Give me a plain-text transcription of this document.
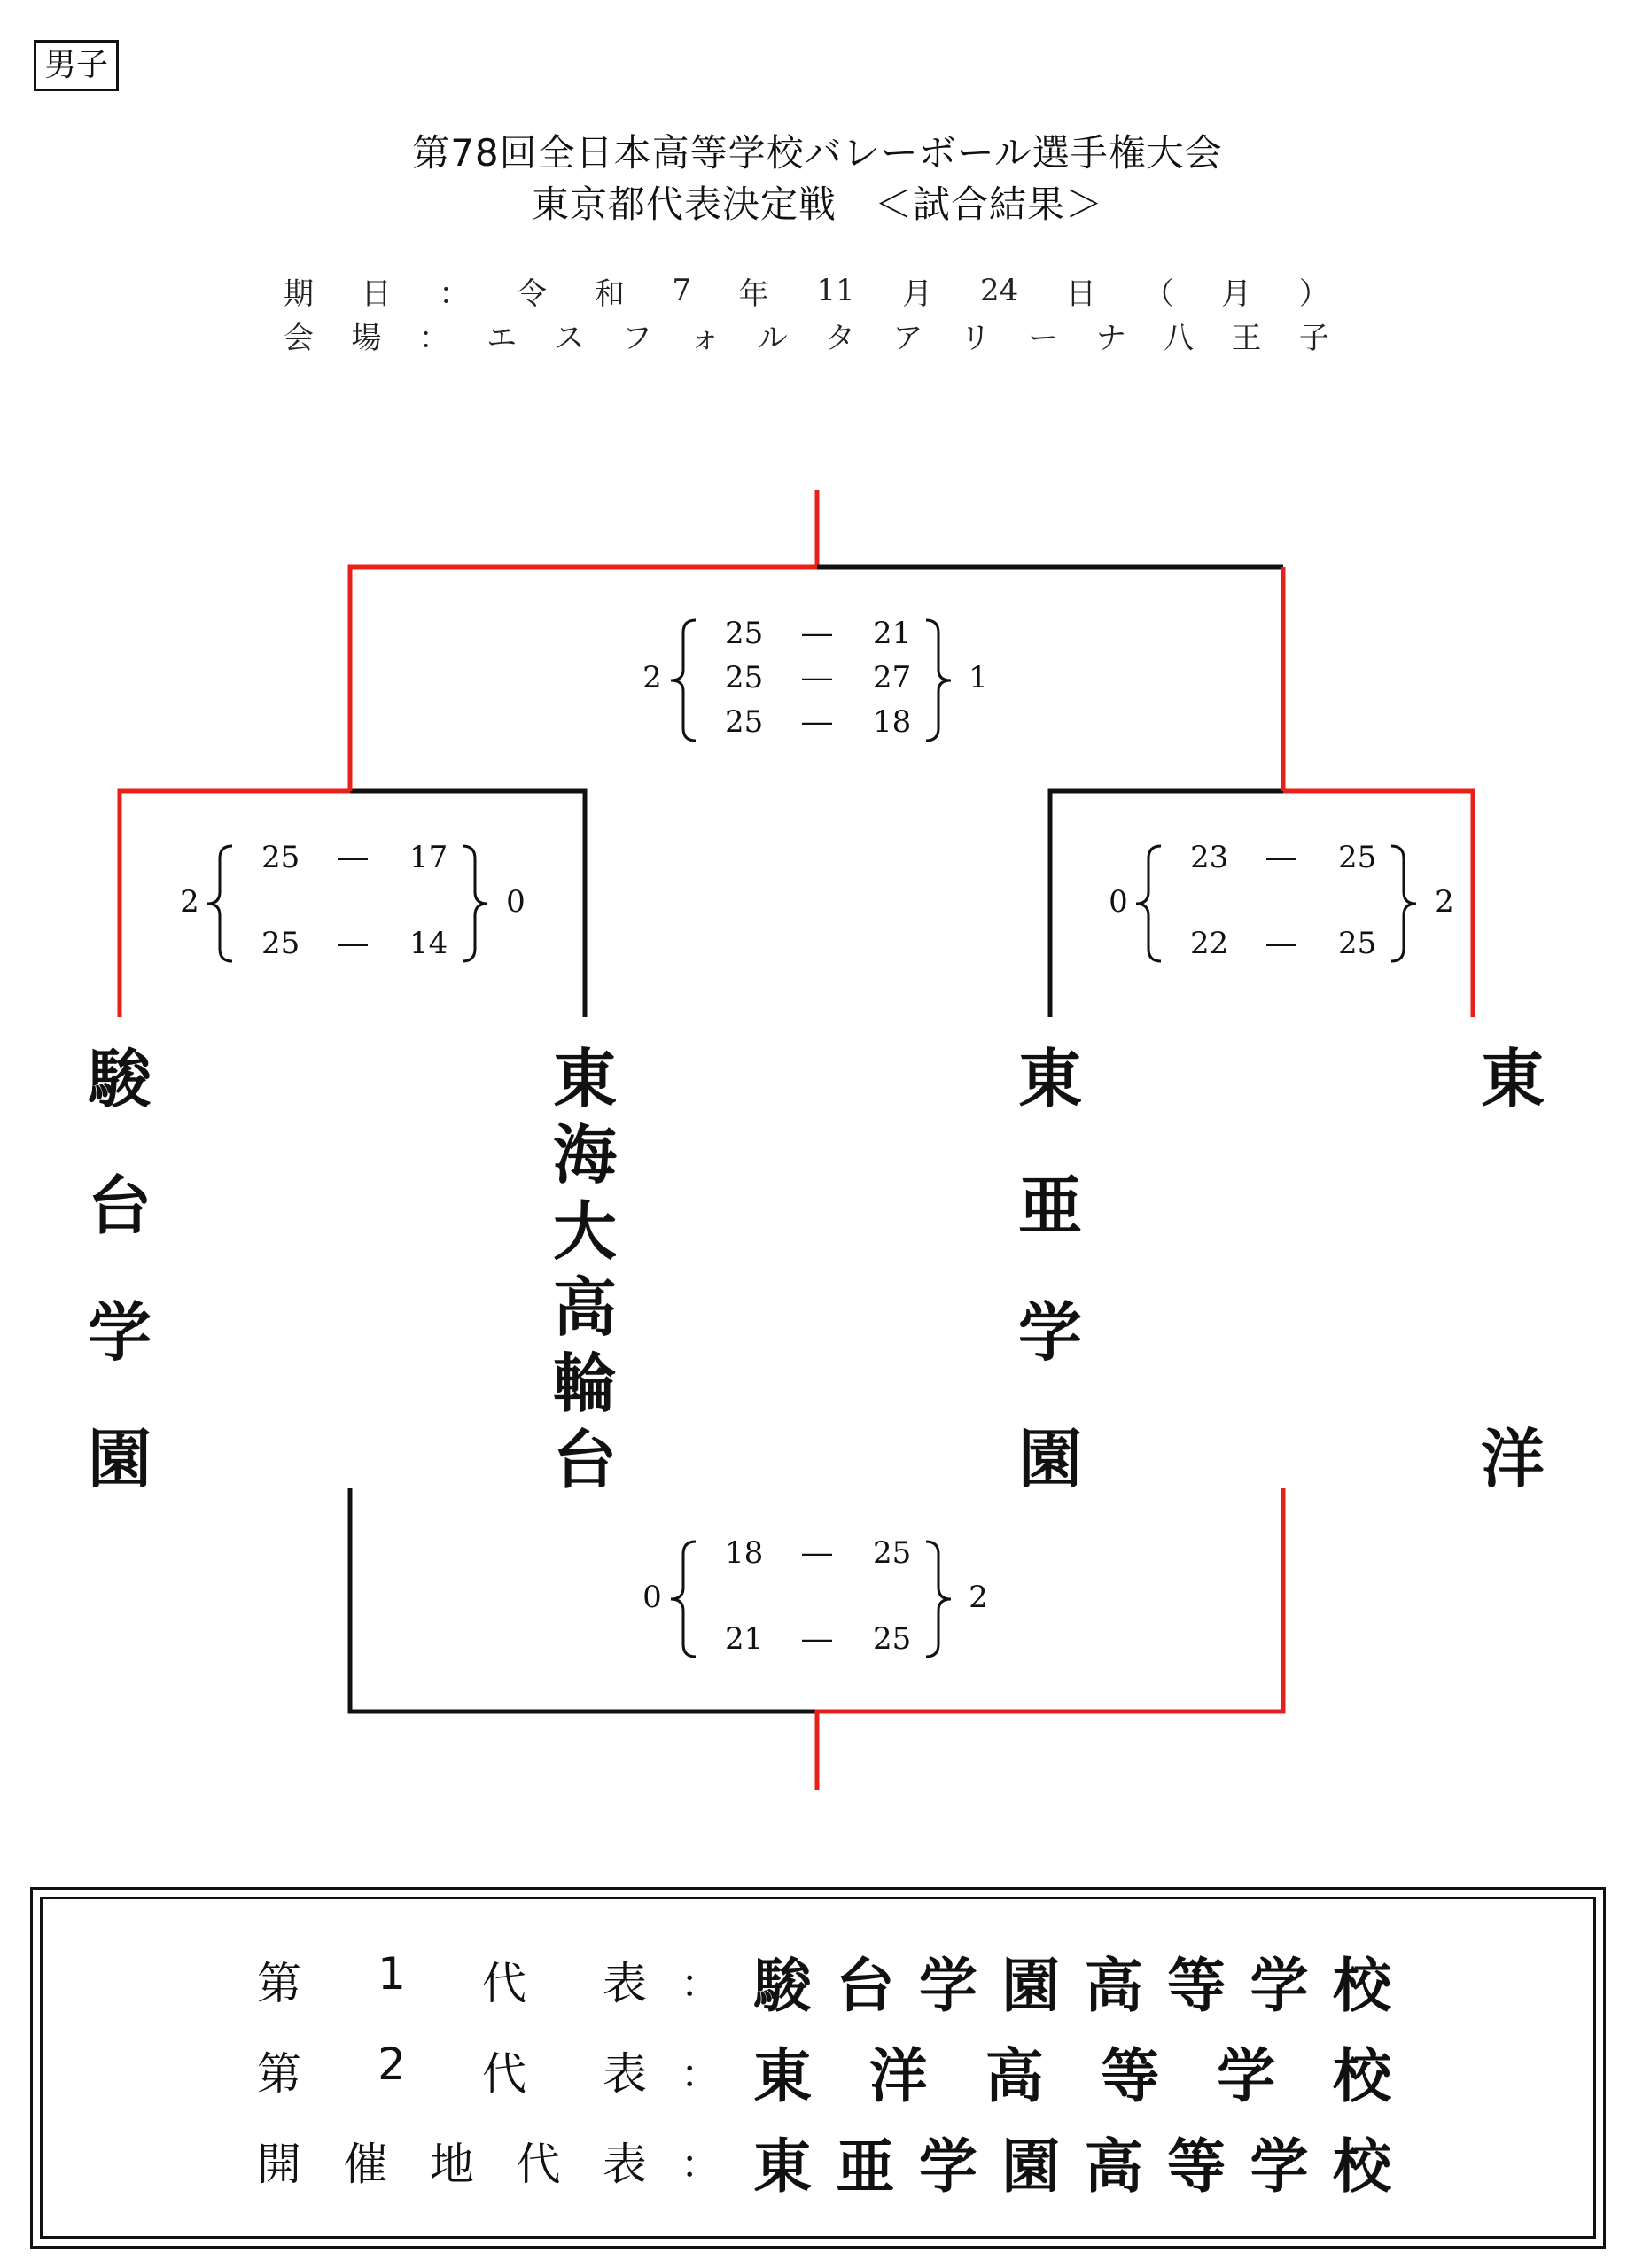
男子
第78回全日本高等学校バレーボール選手権大会
東京都代表決定戦　＜試合結果＞
期 日 ： 令 和 7 年 11 月 24 日 （ 月 ）
会 場 ： エ ス フ ォ ル タ ア リ ー ナ 八 王 子
2	0
25 ― 17
25 ― 14
0	2
23 ― 25
22 ― 25
2	1
25 ― 21
25 ― 27
25 ― 18
0	2
18 ― 25
21 ― 25
駿
台
学
園
東
海
大
高
輪
台
東
亜
学
園
東
洋
第 1 代 表 ： 駿 台 学 園 高 等 学 校
第 2 代 表 ： 東 洋 高 等 学 校
開 催 地 代 表 ： 東 亜 学 園 高 等 学 校
